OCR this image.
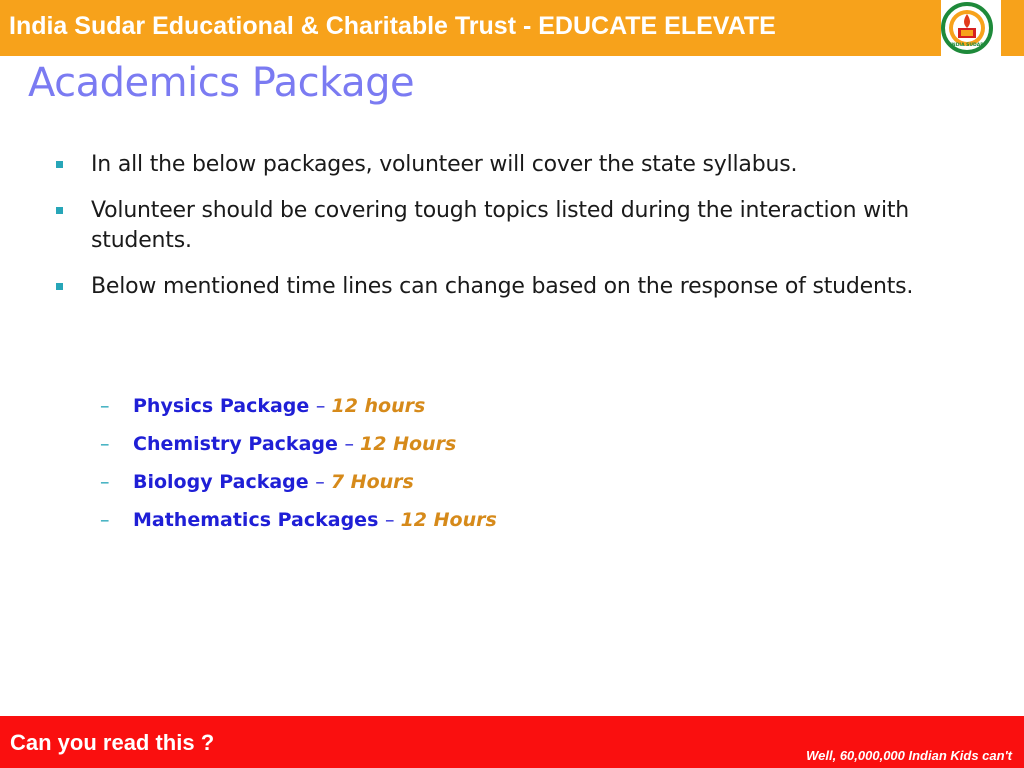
India Sudar Educational & Charitable Trust - EDUCATE ELEVATE
INDIA SUDAR
Academics Package
In all the below packages, volunteer will cover the state syllabus.
Volunteer should be covering tough topics listed during the interaction with students.
Below mentioned time lines can change based on the response of students.
– Physics Package – 12 hours
– Chemistry Package – 12 Hours
– Biology Package – 7 Hours
– Mathematics Packages – 12 Hours
Can you read this ?
Well, 60,000,000 Indian Kids can't
